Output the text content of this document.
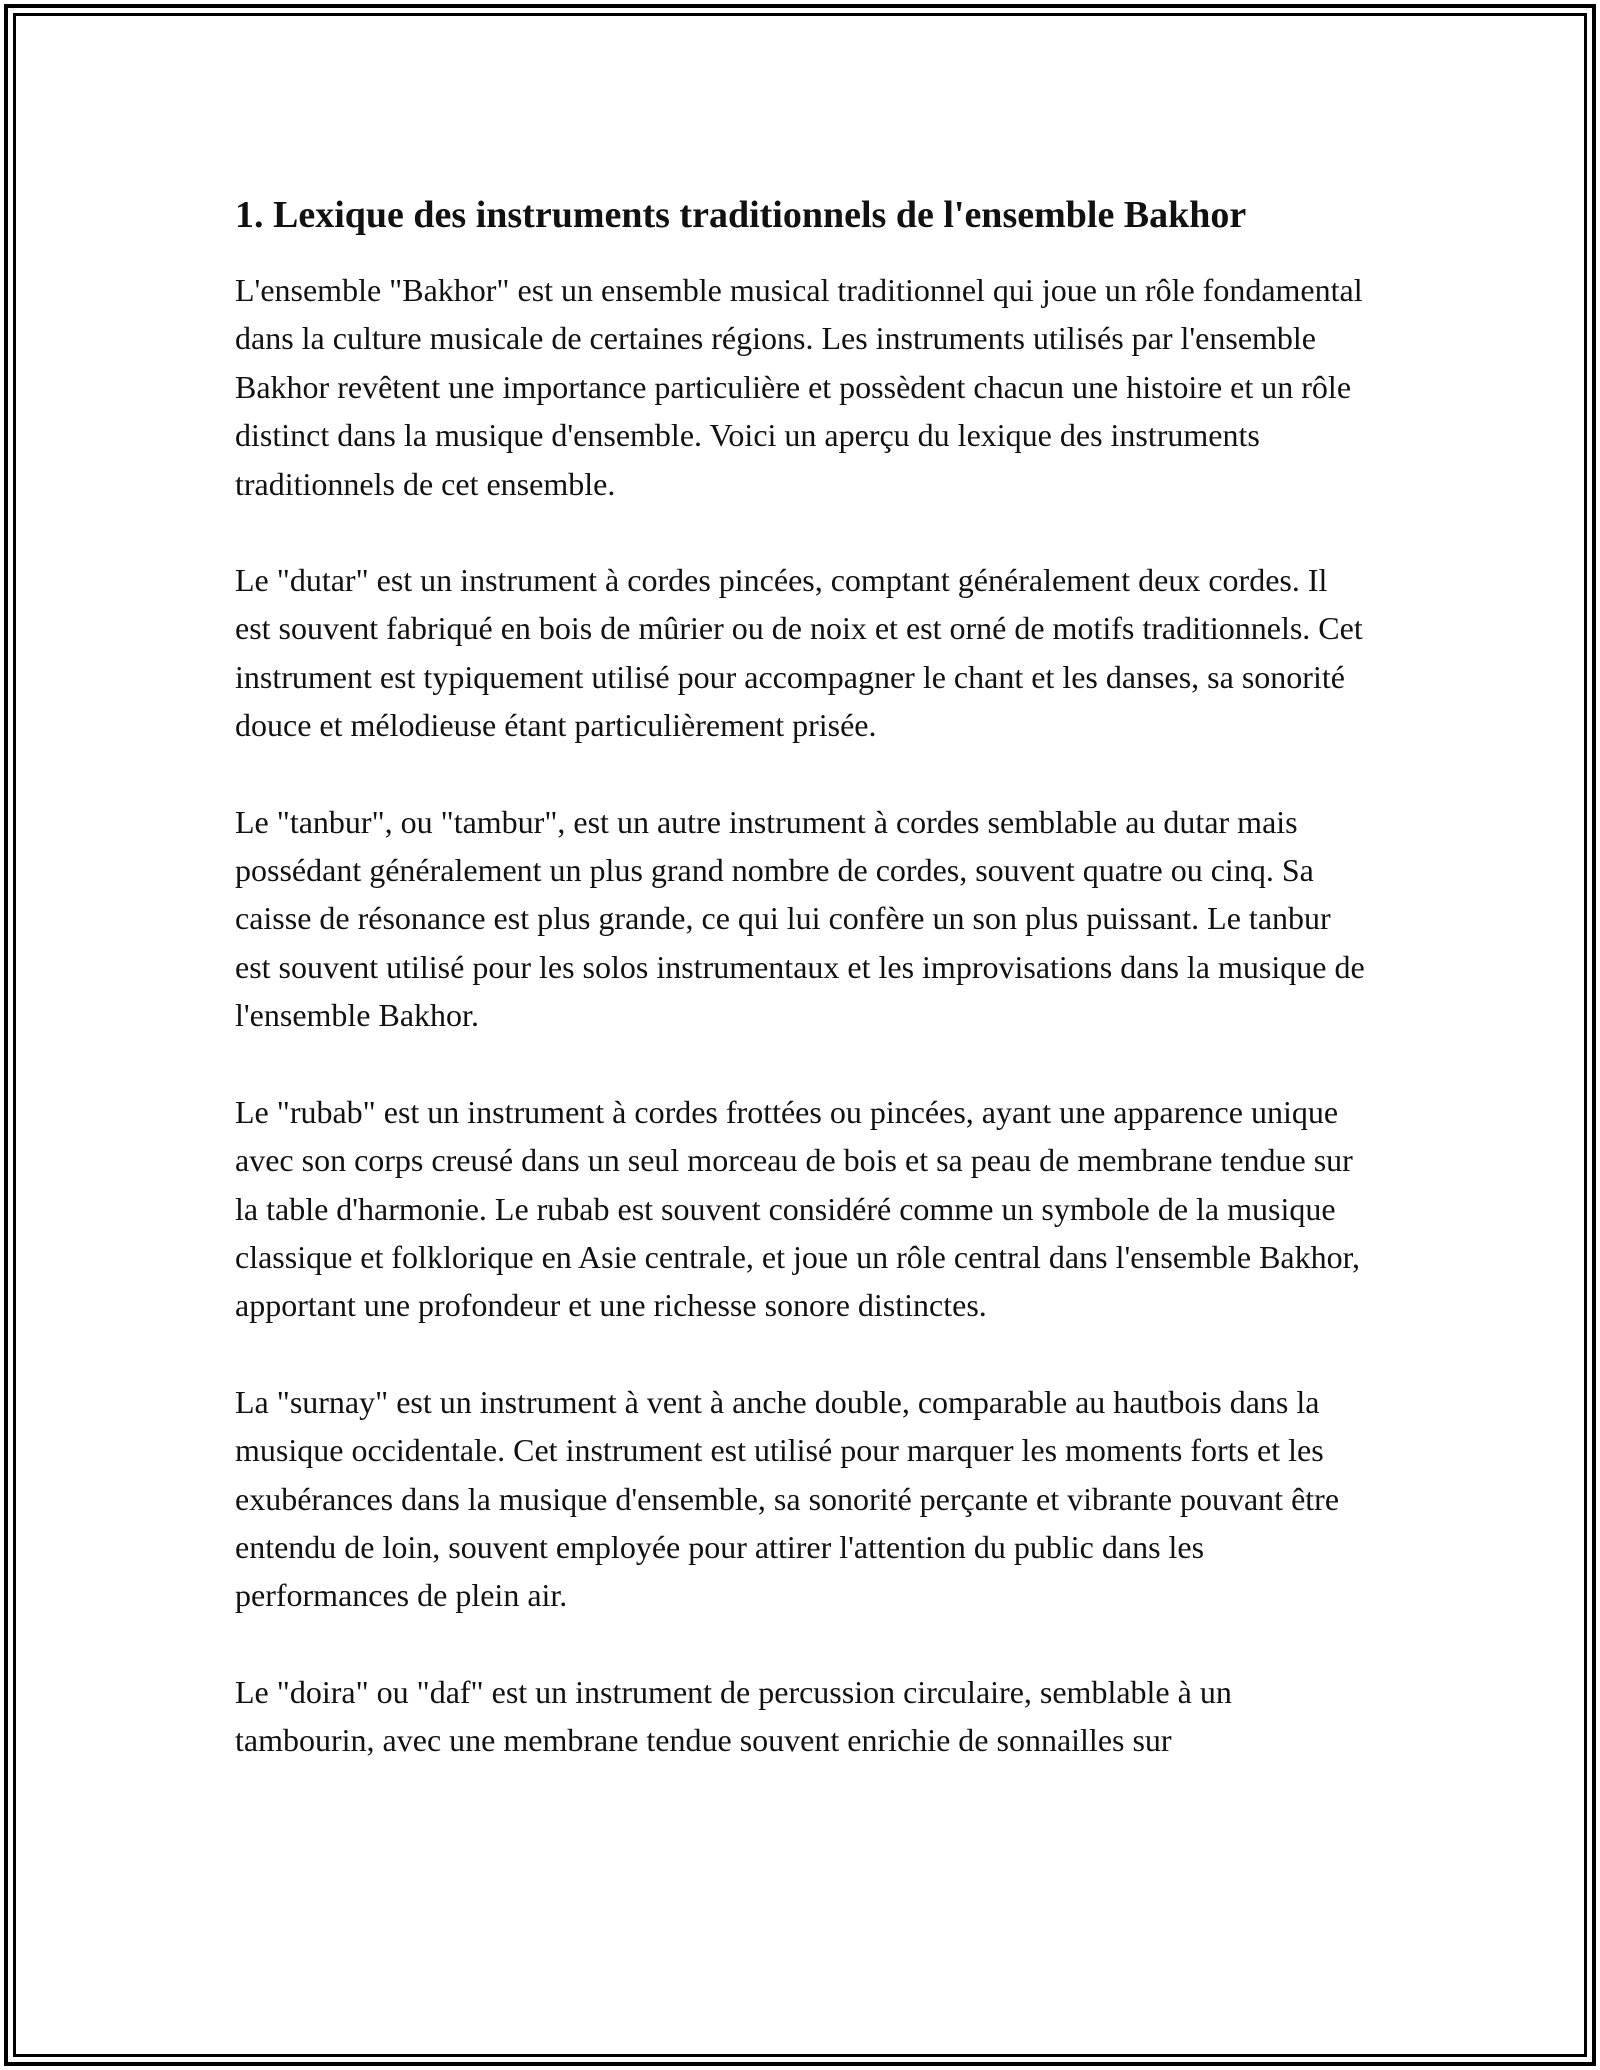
1. Lexique des instruments traditionnels de l'ensemble Bakhor

L'ensemble "Bakhor" est un ensemble musical traditionnel qui joue un rôle fondamental dans la culture musicale de certaines régions. Les instruments utilisés par l'ensemble Bakhor revêtent une importance particulière et possèdent chacun une histoire et un rôle distinct dans la musique d'ensemble. Voici un aperçu du lexique des instruments traditionnels de cet ensemble.

Le "dutar" est un instrument à cordes pincées, comptant généralement deux cordes. Il est souvent fabriqué en bois de mûrier ou de noix et est orné de motifs traditionnels. Cet instrument est typiquement utilisé pour accompagner le chant et les danses, sa sonorité douce et mélodieuse étant particulièrement prisée.

Le "tanbur", ou "tambur", est un autre instrument à cordes semblable au dutar mais possédant généralement un plus grand nombre de cordes, souvent quatre ou cinq. Sa caisse de résonance est plus grande, ce qui lui confère un son plus puissant. Le tanbur est souvent utilisé pour les solos instrumentaux et les improvisations dans la musique de l'ensemble Bakhor.

Le "rubab" est un instrument à cordes frottées ou pincées, ayant une apparence unique avec son corps creusé dans un seul morceau de bois et sa peau de membrane tendue sur la table d'harmonie. Le rubab est souvent considéré comme un symbole de la musique classique et folklorique en Asie centrale, et joue un rôle central dans l'ensemble Bakhor, apportant une profondeur et une richesse sonore distinctes.

La "surnay" est un instrument à vent à anche double, comparable au hautbois dans la musique occidentale. Cet instrument est utilisé pour marquer les moments forts et les exubérances dans la musique d'ensemble, sa sonorité perçante et vibrante pouvant être entendu de loin, souvent employée pour attirer l'attention du public dans les performances de plein air.

Le "doira" ou "daf" est un instrument de percussion circulaire, semblable à un tambourin, avec une membrane tendue souvent enrichie de sonnailles sur
